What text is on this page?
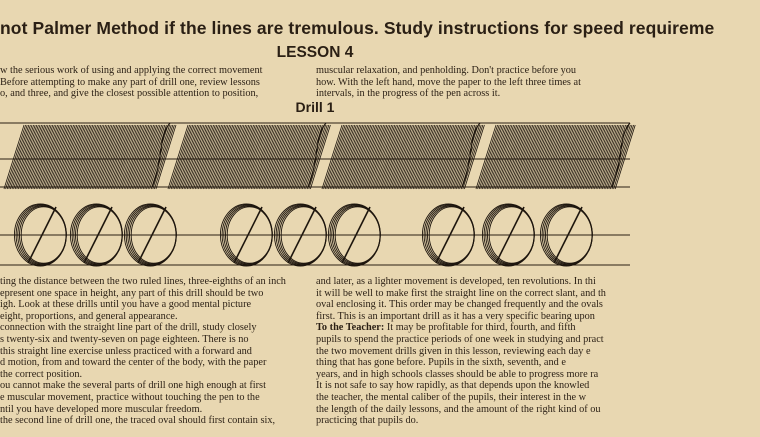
not Palmer Method if the lines are tremulous. Study instructions for speed requireme
LESSON 4
w the serious work of using and applying the correct movement
Before attempting to make any part of drill one, review lessons
o, and three, and give the closest possible attention to position,
muscular relaxation, and penholding. Don't practice before you
how. With the left hand, move the paper to the left three times at
intervals, in the progress of the pen across it.
Drill 1
ting the distance between the two ruled lines, three-eighths of an inch
epresent one space in height, any part of this drill should be two
igh. Look at these drills until you have a good mental picture
eight, proportions, and general appearance.
connection with the straight line part of the drill, study closely
s twenty-six and twenty-seven on page eighteen. There is no
this straight line exercise unless practiced with a forward and
d motion, from and toward the center of the body, with the paper
the correct position.
ou cannot make the several parts of drill one high enough at first
e muscular movement, practice without touching the pen to the
ntil you have developed more muscular freedom.
the second line of drill one, the traced oval should first contain six,
and later, as a lighter movement is developed, ten revolutions. In thi
it will be well to make first the straight line on the correct slant, and th
oval enclosing it. This order may be changed frequently and the ovals
first. This is an important drill as it has a very specific bearing upon
To the Teacher: It may be profitable for third, fourth, and fifth
pupils to spend the practice periods of one week in studying and pract
the two movement drills given in this lesson, reviewing each day e
thing that has gone before. Pupils in the sixth, seventh, and e
years, and in high schools classes should be able to progress more ra
It is not safe to say how rapidly, as that depends upon the knowled
the teacher, the mental caliber of the pupils, their interest in the w
the length of the daily lessons, and the amount of the right kind of ou
practicing that pupils do.
